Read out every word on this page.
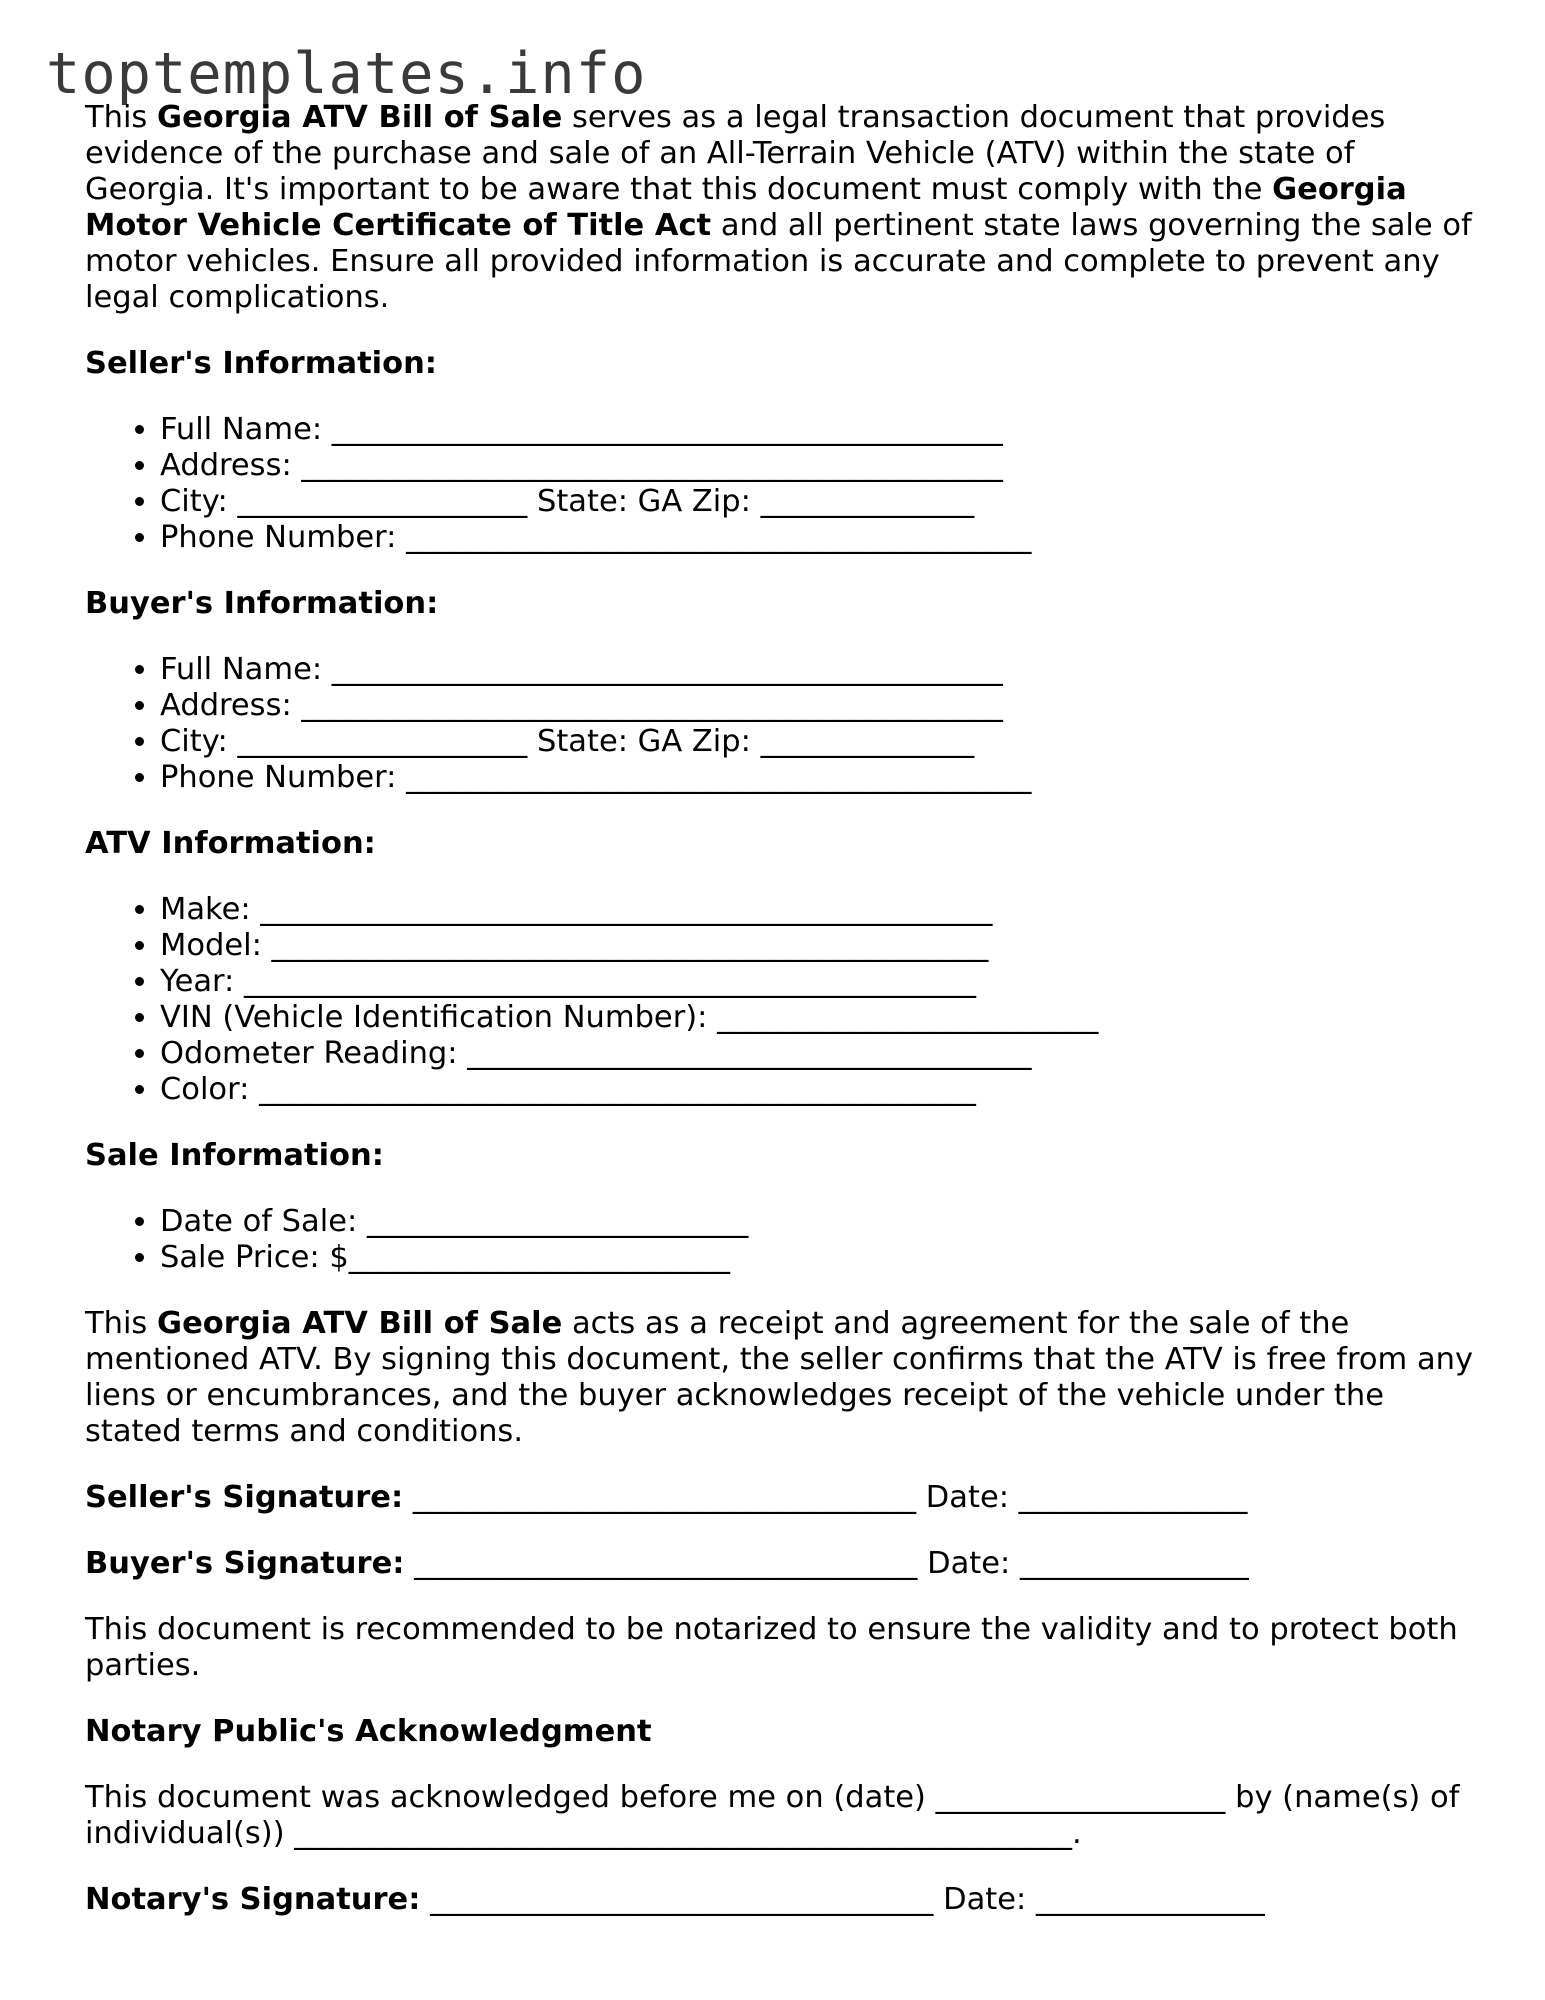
toptemplates.info

This Georgia ATV Bill of Sale serves as a legal transaction document that provides evidence of the purchase and sale of an All-Terrain Vehicle (ATV) within the state of Georgia. It's important to be aware that this document must comply with the Georgia Motor Vehicle Certificate of Title Act and all pertinent state laws governing the sale of motor vehicles. Ensure all provided information is accurate and complete to prevent any legal complications.

Seller's Information:
• Full Name: ____________________________________________
• Address: ______________________________________________
• City: ___________________ State: GA Zip: ______________
• Phone Number: _________________________________________
Buyer's Information:
• Full Name: ____________________________________________
• Address: ______________________________________________
• City: ___________________ State: GA Zip: ______________
• Phone Number: _________________________________________
ATV Information:
• Make: ________________________________________________
• Model: _______________________________________________
• Year: ________________________________________________
• VIN (Vehicle Identification Number): _________________________
• Odometer Reading: _____________________________________
• Color: _______________________________________________
Sale Information:
• Date of Sale: _________________________
• Sale Price: $_________________________

This Georgia ATV Bill of Sale acts as a receipt and agreement for the sale of the mentioned ATV. By signing this document, the seller confirms that the ATV is free from any liens or encumbrances, and the buyer acknowledges receipt of the vehicle under the stated terms and conditions.

Seller's Signature: _________________________________ Date: _______________
Buyer's Signature: _________________________________ Date: _______________

This document is recommended to be notarized to ensure the validity and to protect both parties.

Notary Public's Acknowledgment

This document was acknowledged before me on (date) ___________________ by (name(s) of individual(s)) ___________________________________________________.

Notary's Signature: _________________________________ Date: _______________
